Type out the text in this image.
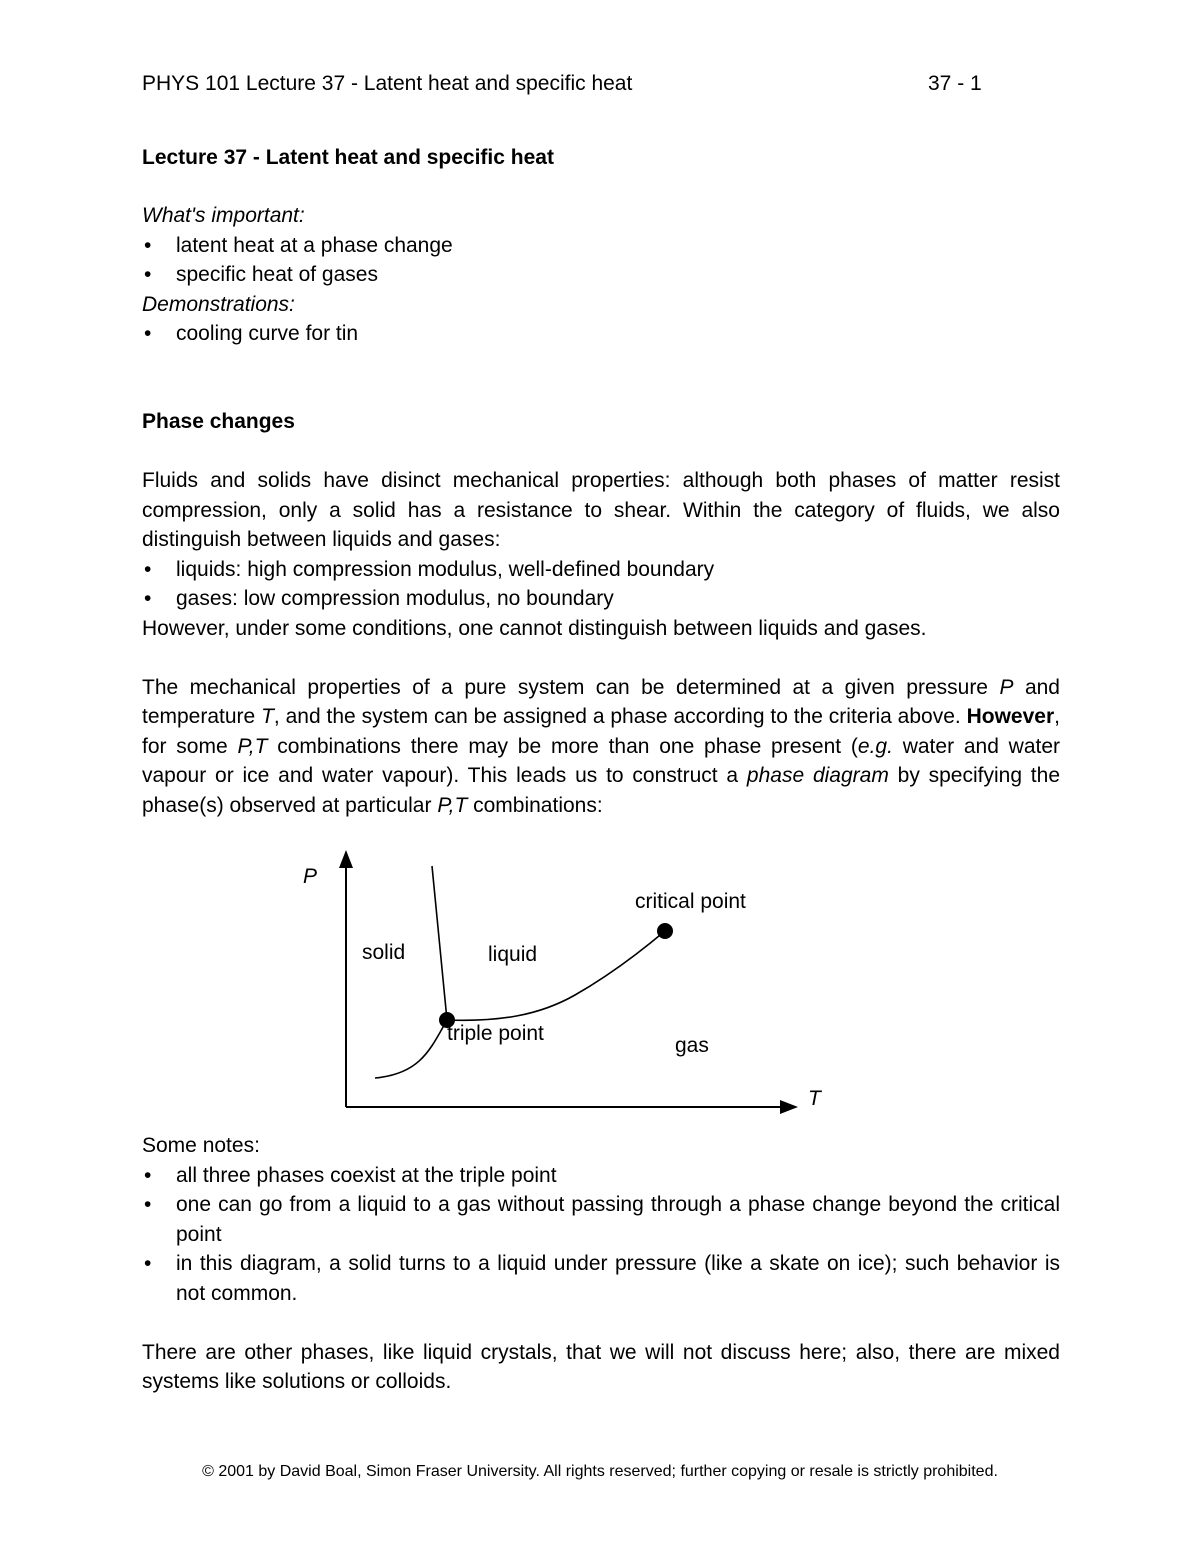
PHYS 101 Lecture 37 - Latent heat and specific heat	37 - 1
Lecture 37 - Latent heat and specific heat
What's important:
• latent heat at a phase change
• specific heat of gases
Demonstrations:
• cooling curve for tin
Phase changes

Fluids and solids have disinct mechanical properties: although both phases of matter resist compression, only a solid has a resistance to shear. Within the category of fluids, we also distinguish between liquids and gases:

• liquids: high compression modulus, well-defined boundary
• gases: low compression modulus, no boundary

However, under some conditions, one cannot distinguish between liquids and gases.

The mechanical properties of a pure system can be determined at a given pressure P and temperature T, and the system can be assigned a phase according to the criteria above. However, for some P,T combinations there may be more than one phase present (e.g. water and water vapour or ice and water vapour). This leads us to construct a phase diagram by specifying the phase(s) observed at particular P,T combinations:

P
T
solid	liquid
gas
critical point
triple point
Some notes:

• all three phases coexist at the triple point

• one can go from a liquid to a gas without passing through a phase change beyond the critical point

• in this diagram, a solid turns to a liquid under pressure (like a skate on ice); such behavior is not common.

There are other phases, like liquid crystals, that we will not discuss here; also, there are mixed systems like solutions or colloids.

© 2001 by David Boal, Simon Fraser University. All rights reserved; further copying or resale is strictly prohibited.
